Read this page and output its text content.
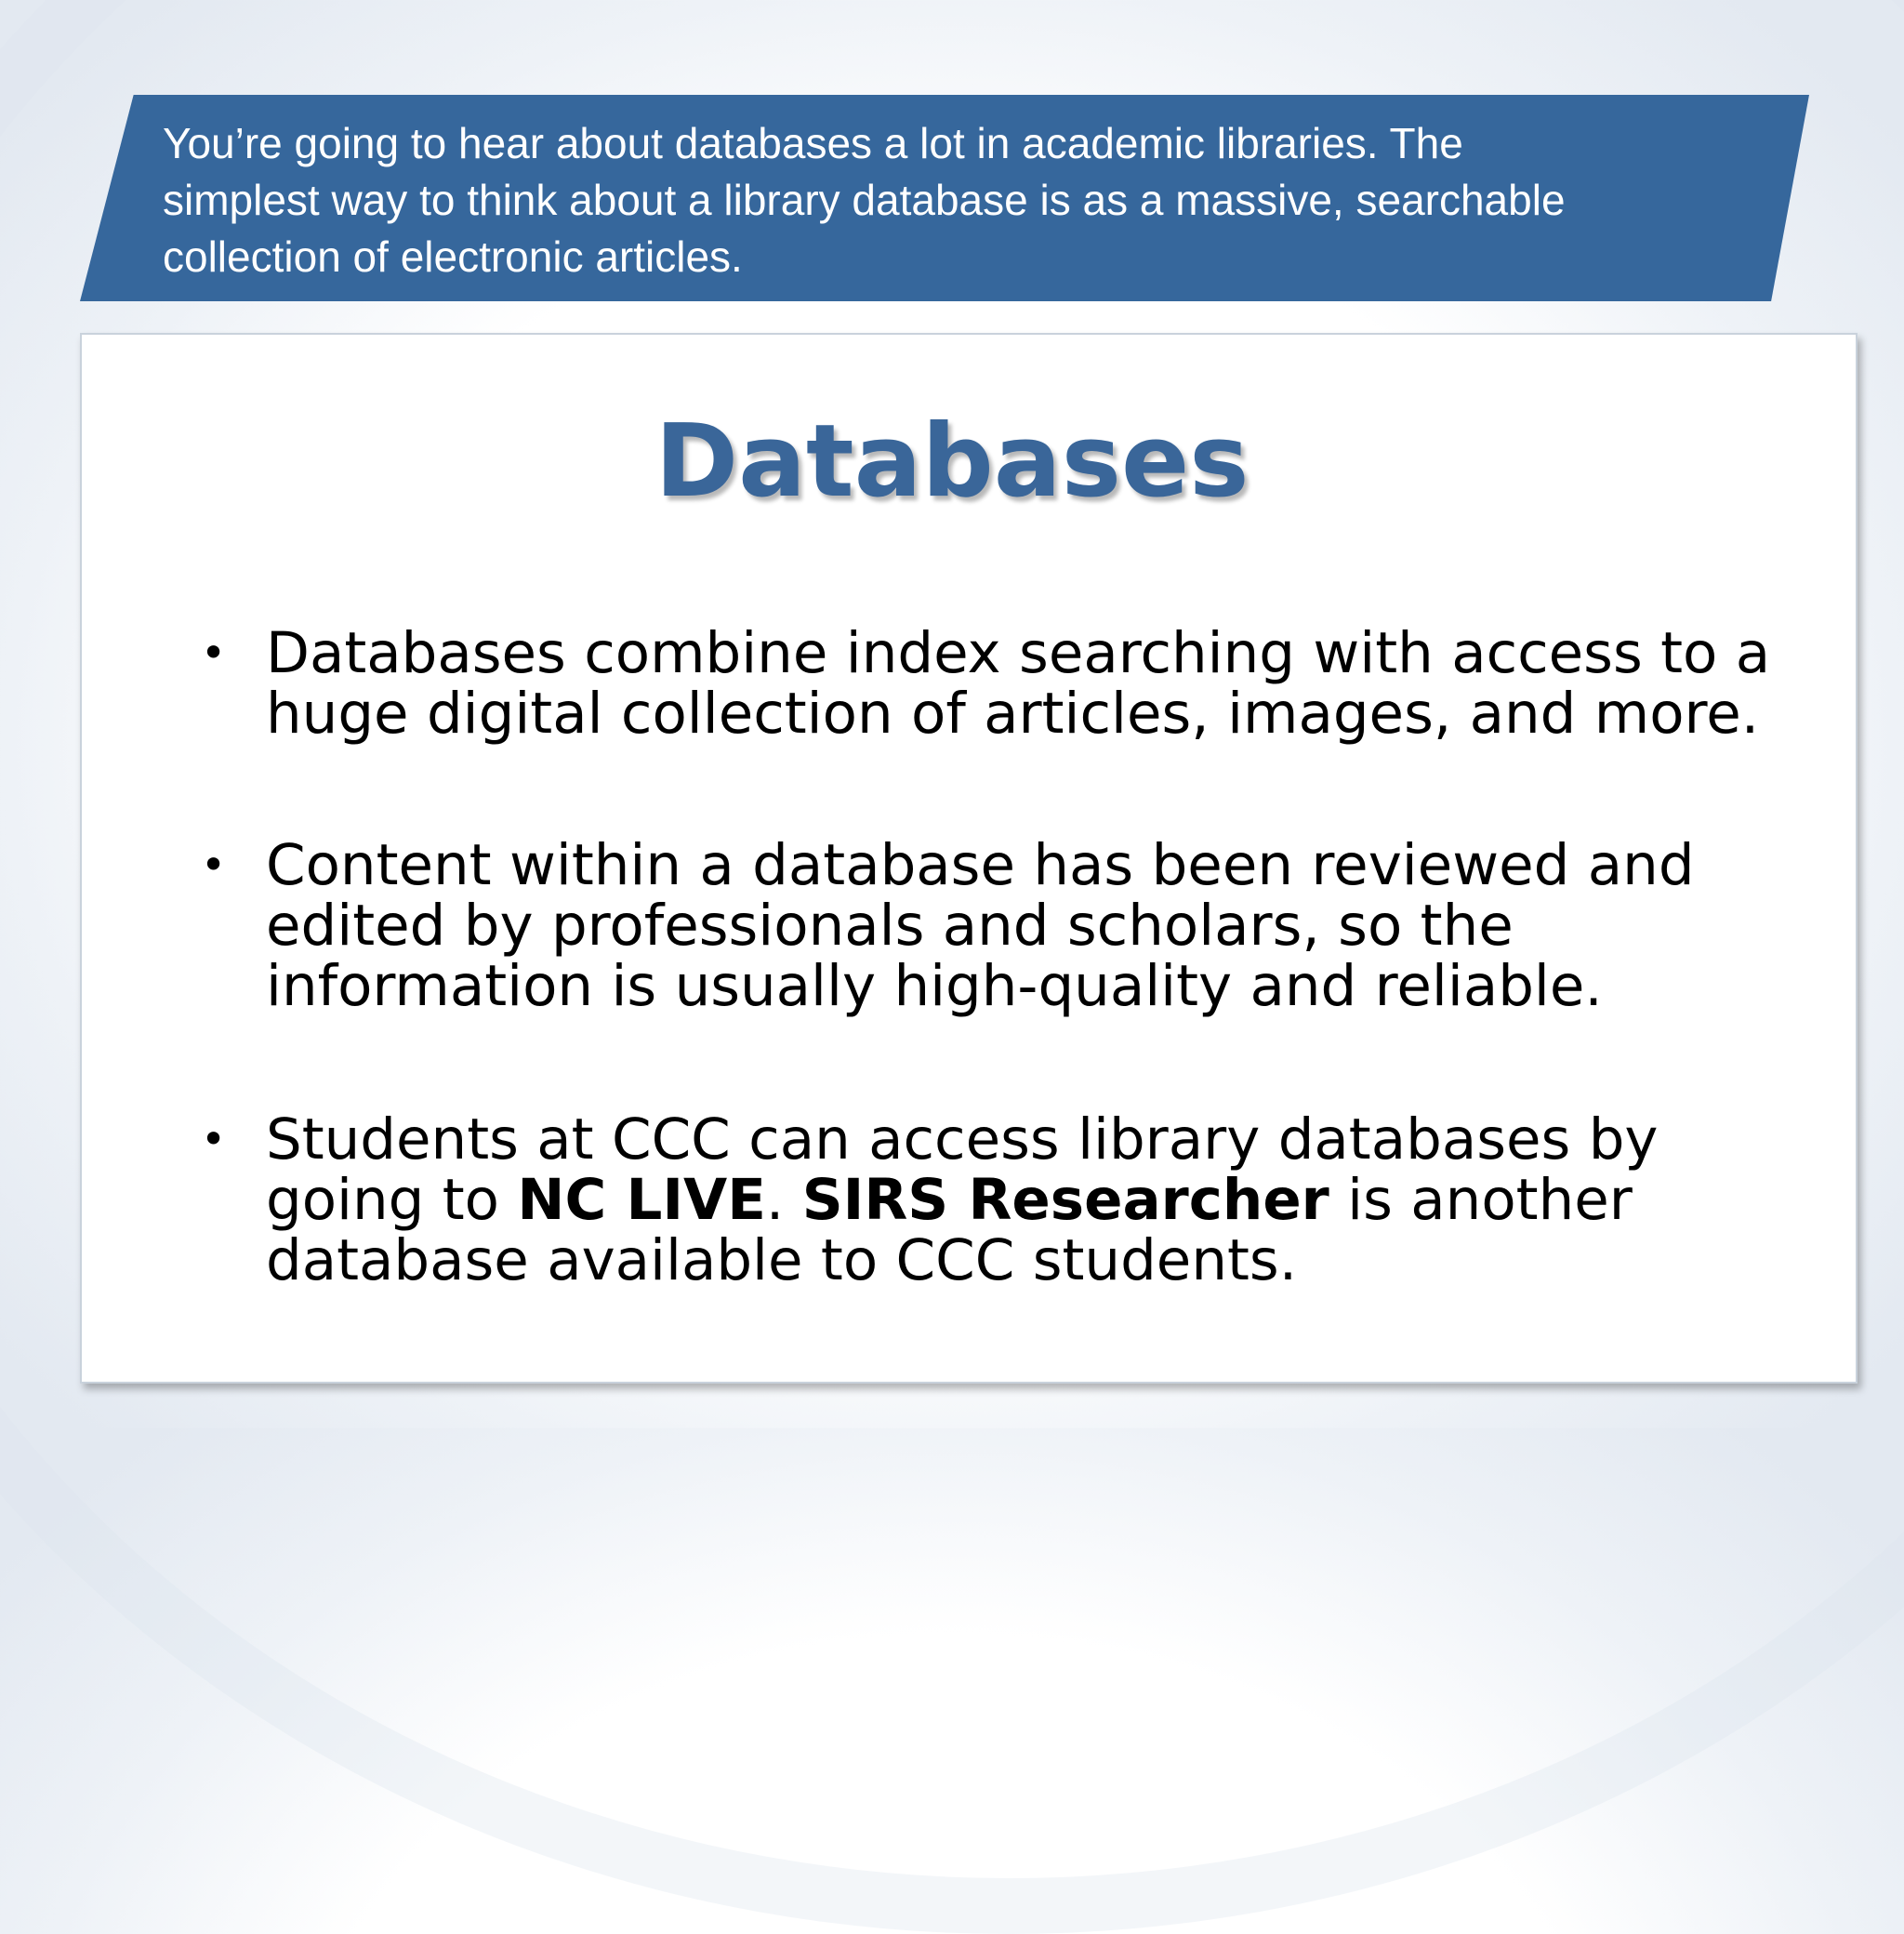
You’re going to hear about databases a lot in academic libraries. The
simplest way to think about a library database is as a massive, searchable
collection of electronic articles.
Databases
• Databases combine index searching with access to a
huge digital collection of articles, images, and more.
• Content within a database has been reviewed and
edited by professionals and scholars, so the
information is usually high-quality and reliable.
• Students at CCC can access library databases by
going to NC LIVE. SIRS Researcher is another
database available to CCC students.
